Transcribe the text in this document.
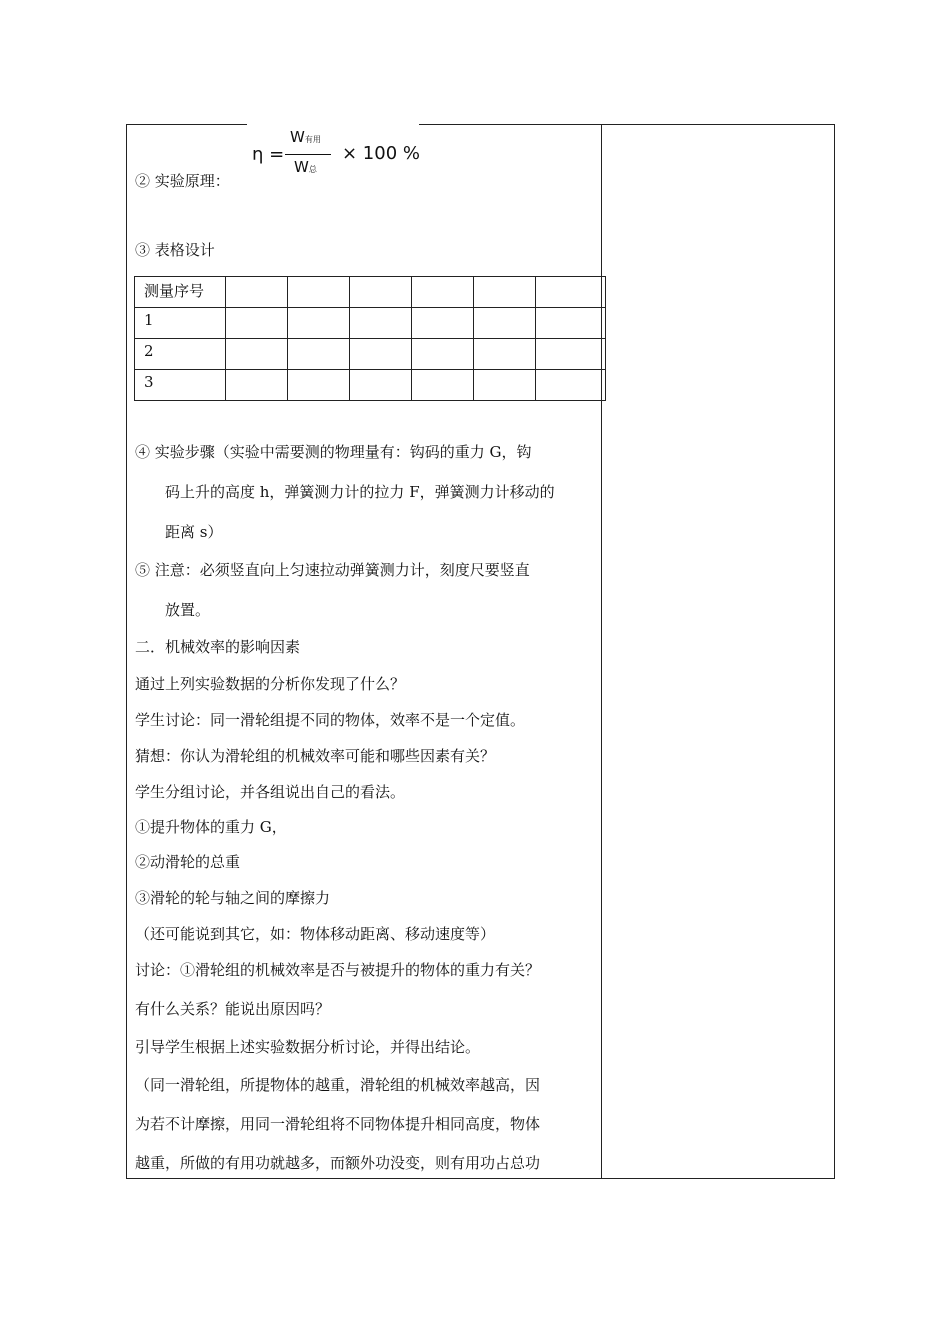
η =
W有用
W总
× 100 %
② 实验原理：
③ 表格设计
测量序号						

1						

2						

3						

④ 实验步骤（实验中需要测的物理量有：钩码的重力 G，钩
码上升的高度 h，弹簧测力计的拉力 F，弹簧测力计移动的
距离 s）
⑤ 注意：必须竖直向上匀速拉动弹簧测力计，刻度尺要竖直
放置。
二．机械效率的影响因素
通过上列实验数据的分析你发现了什么？
学生讨论：同一滑轮组提不同的物体，效率不是一个定值。
猜想：你认为滑轮组的机械效率可能和哪些因素有关？
学生分组讨论，并各组说出自己的看法。
①提升物体的重力 G，
②动滑轮的总重
③滑轮的轮与轴之间的摩擦力
（还可能说到其它，如：物体移动距离、移动速度等）
讨论：①滑轮组的机械效率是否与被提升的物体的重力有关？
有什么关系？能说出原因吗？
引导学生根据上述实验数据分析讨论，并得出结论。
（同一滑轮组，所提物体的越重，滑轮组的机械效率越高，因
为若不计摩擦，用同一滑轮组将不同物体提升相同高度，物体
越重，所做的有用功就越多，而额外功没变，则有用功占总功
